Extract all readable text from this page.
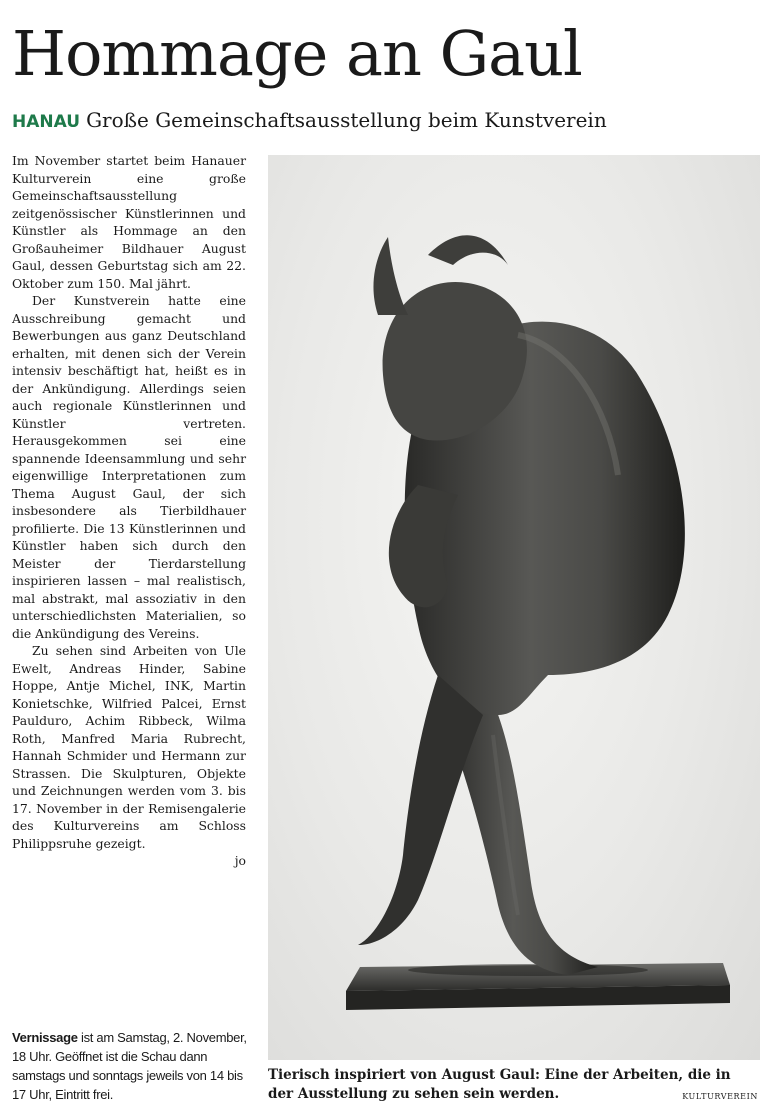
Hommage an Gaul

HANAU Große Gemeinschaftsausstellung beim Kunstverein

Im November startet beim Hanauer Kulturverein eine große Gemeinschaftsausstellung zeitgenössischer Künstlerinnen und Künstler als Hommage an den Großauheimer Bildhauer August Gaul, dessen Geburtstag sich am 22. Oktober zum 150. Mal jährt.

Der Kunstverein hatte eine Ausschreibung gemacht und Bewerbungen aus ganz Deutschland erhalten, mit denen sich der Verein intensiv beschäftigt hat, heißt es in der Ankündigung. Allerdings seien auch regionale Künstlerinnen und Künstler vertreten. Herausgekommen sei eine spannende Ideensammlung und sehr eigenwillige Interpretationen zum Thema August Gaul, der sich insbesondere als Tierbildhauer profilierte. Die 13 Künstlerinnen und Künstler haben sich durch den Meister der Tierdarstellung inspirieren lassen – mal realistisch, mal abstrakt, mal assoziativ in den unterschiedlichsten Materialien, so die Ankündigung des Vereins.

Zu sehen sind Arbeiten von Ule Ewelt, Andreas Hinder, Sabine Hoppe, Antje Michel, INK, Martin Konietschke, Wilfried Palcei, Ernst Paulduro, Achim Ribbeck, Wilma Roth, Manfred Maria Rubrecht, Hannah Schmider und Hermann zur Strassen. Die Skulpturen, Objekte und Zeichnungen werden vom 3. bis 17. November in der Remisengalerie des Kulturvereins am Schloss Philippsruhe gezeigt.

jo

Vernissage ist am Samstag, 2. November, 18 Uhr. Geöffnet ist die Schau dann samstags und sonntags jeweils von 14 bis 17 Uhr, Eintritt frei.

Tierisch inspiriert von August Gaul: Eine der Arbeiten, die in der Ausstellung zu sehen sein werden.	KULTURVEREIN
